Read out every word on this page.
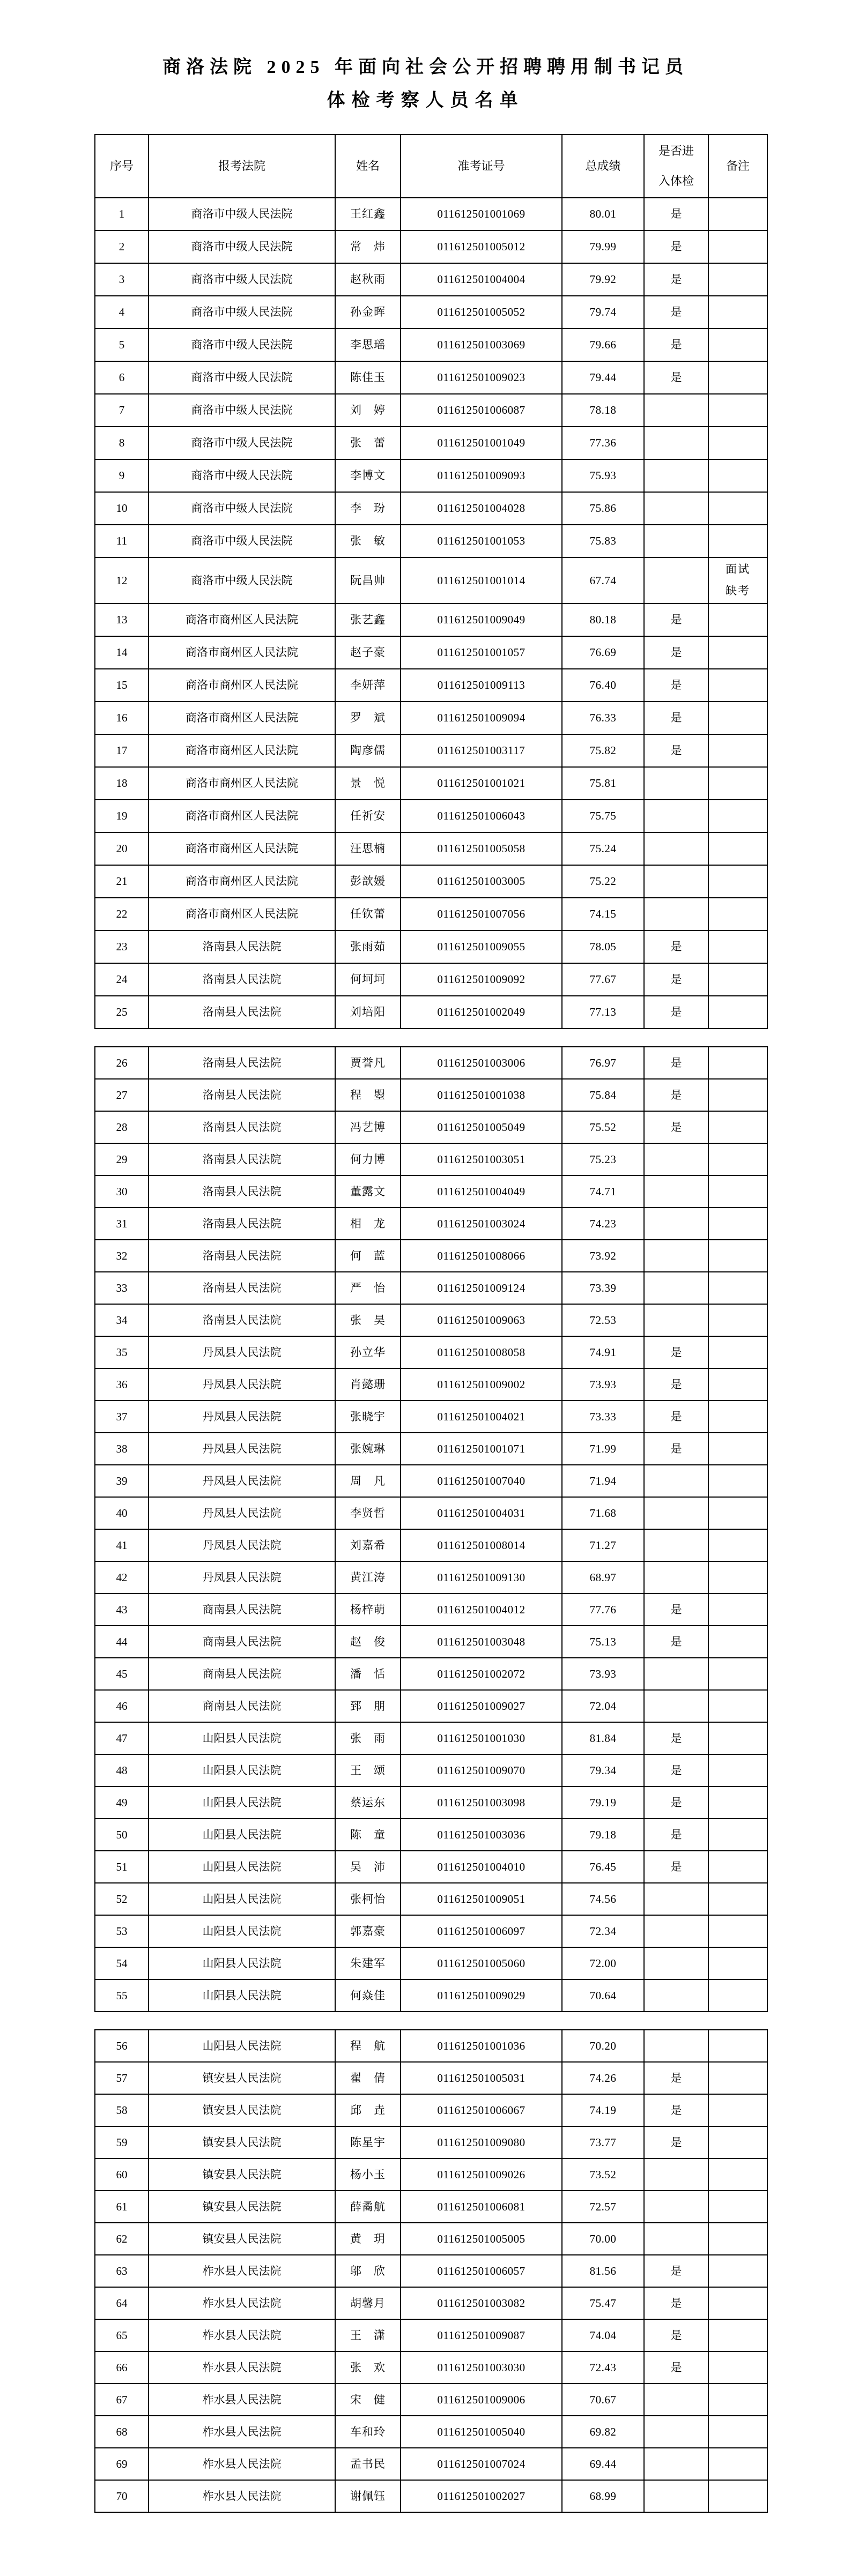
商洛法院 2025 年面向社会公开招聘聘用制书记员
体检考察人员名单
序号	报考法院	姓名	准考证号	总成绩	是否进入体检	备注
1	商洛市中级人民法院	王红鑫	011612501001069	80.01	是	
2	商洛市中级人民法院	常　炜	011612501005012	79.99	是	
3	商洛市中级人民法院	赵秋雨	011612501004004	79.92	是	
4	商洛市中级人民法院	孙金晖	011612501005052	79.74	是	
5	商洛市中级人民法院	李思瑶	011612501003069	79.66	是	
6	商洛市中级人民法院	陈佳玉	011612501009023	79.44	是	
7	商洛市中级人民法院	刘　婷	011612501006087	78.18		
8	商洛市中级人民法院	张　蕾	011612501001049	77.36		
9	商洛市中级人民法院	李博文	011612501009093	75.93		
10	商洛市中级人民法院	李　玢	011612501004028	75.86		
11	商洛市中级人民法院	张　敏	011612501001053	75.83		
12	商洛市中级人民法院	阮昌帅	011612501001014	67.74		面试缺考

13	商洛市商州区人民法院	张艺鑫	011612501009049	80.18	是	
14	商洛市商州区人民法院	赵子豪	011612501001057	76.69	是	
15	商洛市商州区人民法院	李妍萍	011612501009113	76.40	是	
16	商洛市商州区人民法院	罗　斌	011612501009094	76.33	是	
17	商洛市商州区人民法院	陶彦儒	011612501003117	75.82	是	
18	商洛市商州区人民法院	景　悦	011612501001021	75.81		
19	商洛市商州区人民法院	任祈安	011612501006043	75.75		
20	商洛市商州区人民法院	汪思楠	011612501005058	75.24		
21	商洛市商州区人民法院	彭歆媛	011612501003005	75.22		
22	商洛市商州区人民法院	任钦蕾	011612501007056	74.15		
23	洛南县人民法院	张雨茹	011612501009055	78.05	是	
24	洛南县人民法院	何坷坷	011612501009092	77.67	是	
25	洛南县人民法院	刘培阳	011612501002049	77.13	是	
26	洛南县人民法院	贾誉凡	011612501003006	76.97	是	
27	洛南县人民法院	程　曌	011612501001038	75.84	是	
28	洛南县人民法院	冯艺博	011612501005049	75.52	是	
29	洛南县人民法院	何力博	011612501003051	75.23		
30	洛南县人民法院	董露文	011612501004049	74.71		
31	洛南县人民法院	相　龙	011612501003024	74.23		
32	洛南县人民法院	何　蓝	011612501008066	73.92		
33	洛南县人民法院	严　怡	011612501009124	73.39		
34	洛南县人民法院	张　昊	011612501009063	72.53		
35	丹凤县人民法院	孙立华	011612501008058	74.91	是	
36	丹凤县人民法院	肖懿珊	011612501009002	73.93	是	
37	丹凤县人民法院	张晓宇	011612501004021	73.33	是	
38	丹凤县人民法院	张婉琳	011612501001071	71.99	是	
39	丹凤县人民法院	周　凡	011612501007040	71.94		
40	丹凤县人民法院	李贤哲	011612501004031	71.68		
41	丹凤县人民法院	刘嘉希	011612501008014	71.27		
42	丹凤县人民法院	黄江涛	011612501009130	68.97		
43	商南县人民法院	杨梓萌	011612501004012	77.76	是	
44	商南县人民法院	赵　俊	011612501003048	75.13	是	
45	商南县人民法院	潘　恬	011612501002072	73.93		
46	商南县人民法院	郅　朋	011612501009027	72.04		
47	山阳县人民法院	张　雨	011612501001030	81.84	是	
48	山阳县人民法院	王　颂	011612501009070	79.34	是	
49	山阳县人民法院	蔡运东	011612501003098	79.19	是	
50	山阳县人民法院	陈　童	011612501003036	79.18	是	
51	山阳县人民法院	吴　沛	011612501004010	76.45	是	
52	山阳县人民法院	张柯怡	011612501009051	74.56		
53	山阳县人民法院	郭嘉豪	011612501006097	72.34		
54	山阳县人民法院	朱建军	011612501005060	72.00		
55	山阳县人民法院	何焱佳	011612501009029	70.64		
56	山阳县人民法院	程　航	011612501001036	70.20		
57	镇安县人民法院	翟　倩	011612501005031	74.26	是	
58	镇安县人民法院	邱　垚	011612501006067	74.19	是	
59	镇安县人民法院	陈星宇	011612501009080	73.77	是	
60	镇安县人民法院	杨小玉	011612501009026	73.52		
61	镇安县人民法院	薛矞航	011612501006081	72.57		
62	镇安县人民法院	黄　玥	011612501005005	70.00		
63	柞水县人民法院	邬　欣	011612501006057	81.56	是	
64	柞水县人民法院	胡馨月	011612501003082	75.47	是	
65	柞水县人民法院	王　潇	011612501009087	74.04	是	
66	柞水县人民法院	张　欢	011612501003030	72.43	是	
67	柞水县人民法院	宋　健	011612501009006	70.67		
68	柞水县人民法院	车和玲	011612501005040	69.82		
69	柞水县人民法院	孟书民	011612501007024	69.44		
70	柞水县人民法院	谢佩钰	011612501002027	68.99		
